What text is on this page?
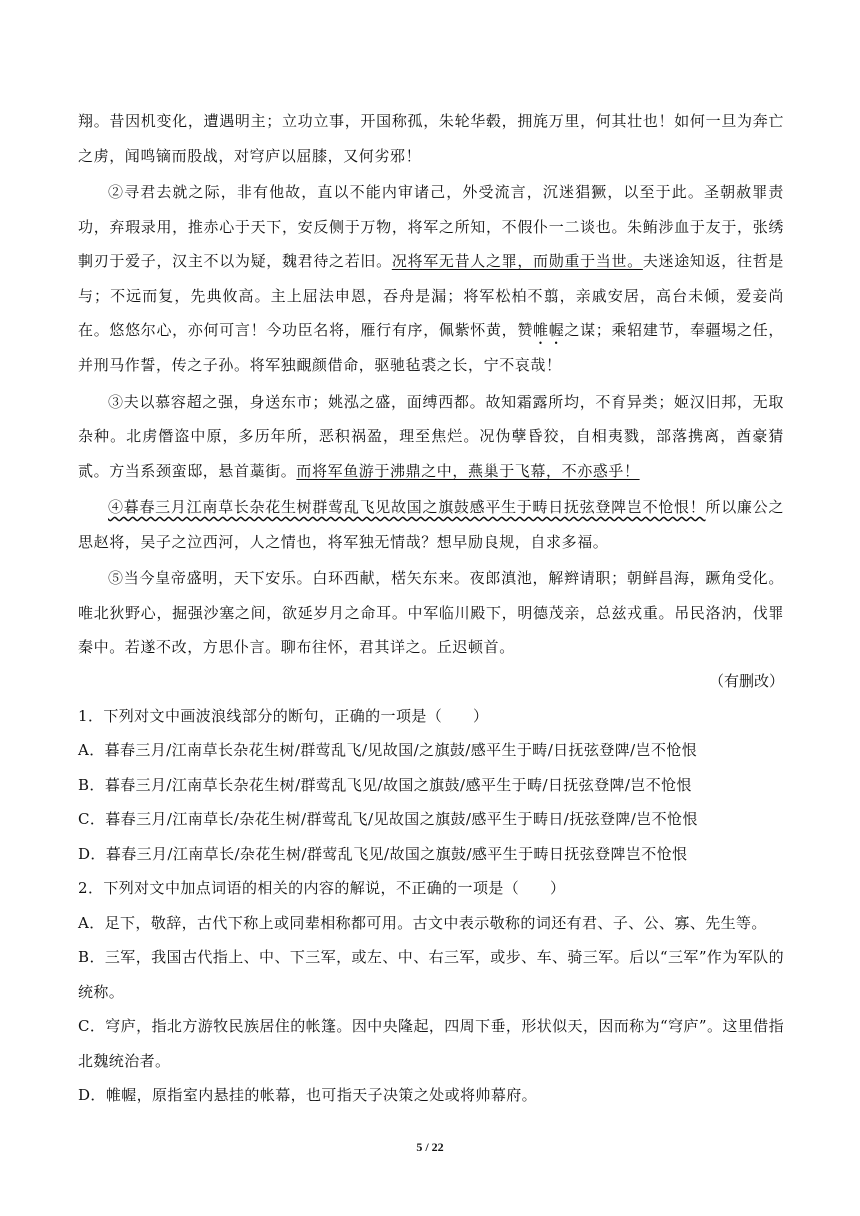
翔。昔因机变化，遭遇明主；立功立事，开国称孤，朱轮华毂，拥旄万里，何其壮也！如何一旦为奔亡之虏，闻鸣镝而股战，对穹庐以屈膝，又何劣邪！

②寻君去就之际，非有他故，直以不能内审诸己，外受流言，沉迷猖獗，以至于此。圣朝赦罪责功，弃瑕录用，推赤心于天下，安反侧于万物，将军之所知，不假仆一二谈也。朱鲔涉血于友于，张绣剚刃于爱子，汉主不以为疑，魏君待之若旧。况将军无昔人之罪，而勋重于当世。夫迷途知返，往哲是与；不远而复，先典攸高。主上屈法申恩，吞舟是漏；将军松柏不翦，亲戚安居，高台未倾，爱妾尚在。悠悠尔心，亦何可言！今功臣名将，雁行有序，佩紫怀黄，赞帷幄之谋；乘轺建节，奉疆埸之任，并刑马作誓，传之子孙。将军独靦颜借命，驱驰毡裘之长，宁不哀哉！

③夫以慕容超之强，身送东市；姚泓之盛，面缚西都。故知霜露所均，不育异类；姬汉旧邦，无取杂种。北虏僭盗中原，多历年所，恶积祸盈，理至焦烂。况伪孽昏狡，自相夷戮，部落携离，酋豪猜贰。方当系颈蛮邸，悬首藁街。而将军鱼游于沸鼎之中，燕巢于飞幕，不亦惑乎！

④暮春三月江南草长杂花生树群莺乱飞见故国之旗鼓感平生于畴日抚弦登陴岂不怆恨！所以廉公之思赵将，吴子之泣西河，人之情也，将军独无情哉？想早励良规，自求多福。

⑤当今皇帝盛明，天下安乐。白环西献，楛矢东来。夜郎滇池，解辫请职；朝鲜昌海，蹶角受化。唯北狄野心，掘强沙塞之间，欲延岁月之命耳。中军临川殿下，明德茂亲，总兹戎重。吊民洛汭，伐罪秦中。若遂不改，方思仆言。聊布往怀，君其详之。丘迟顿首。

（有删改）

1．下列对文中画波浪线部分的断句，正确的一项是（　　）

A．暮春三月/江南草长杂花生树/群莺乱飞/见故国/之旗鼓/感平生于畴/日抚弦登陴/岂不怆恨

B．暮春三月/江南草长杂花生树/群莺乱飞见/故国之旗鼓/感平生于畴/日抚弦登陴/岂不怆恨

C．暮春三月/江南草长/杂花生树/群莺乱飞/见故国之旗鼓/感平生于畴日/抚弦登陴/岂不怆恨

D．暮春三月/江南草长/杂花生树/群莺乱飞见/故国之旗鼓/感平生于畴日抚弦登陴岂不怆恨

2．下列对文中加点词语的相关的内容的解说，不正确的一项是（　　）

A．足下，敬辞，古代下称上或同辈相称都可用。古文中表示敬称的词还有君、子、公、寡、先生等。

B．三军，我国古代指上、中、下三军，或左、中、右三军，或步、车、骑三军。后以“三军”作为军队的统称。

C．穹庐，指北方游牧民族居住的帐篷。因中央隆起，四周下垂，形状似天，因而称为“穹庐”。这里借指北魏统治者。

D．帷幄，原指室内悬挂的帐幕，也可指天子决策之处或将帅幕府。

5 / 22
